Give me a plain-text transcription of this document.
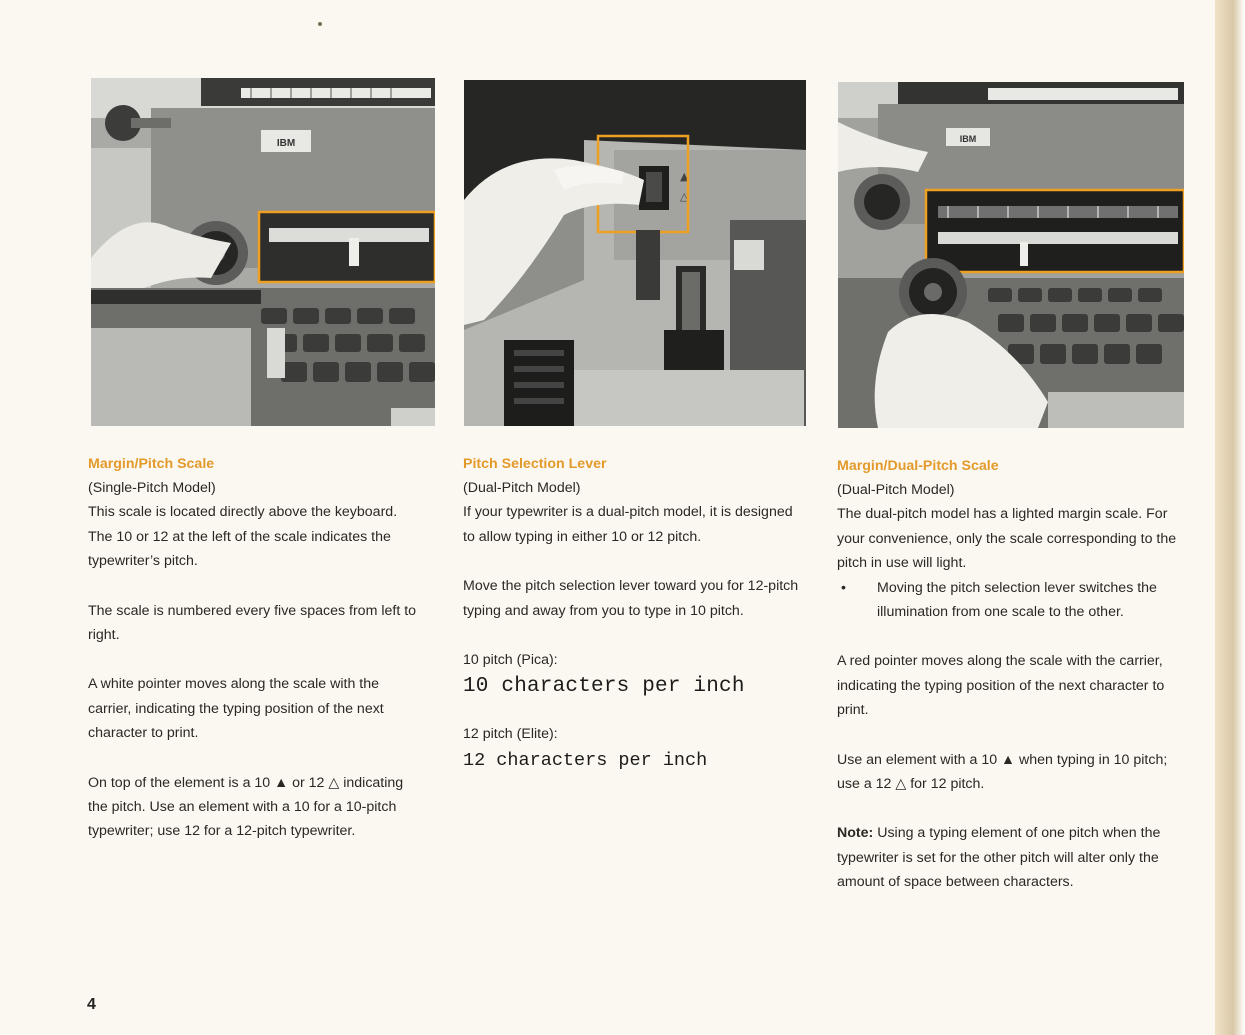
IBM
▲
△
IBM
Margin/Pitch Scale

(Single-Pitch Model)

This scale is located directly above the keyboard. The 10 or 12 at the left of the scale indicates the typewriter’s pitch.

The scale is numbered every five spaces from left to right.

A white pointer moves along the scale with the carrier, indicating the typing position of the next character to print.

On top of the element is a 10 ▲ or 12 △ indicating the pitch. Use an element with a 10 for a 10-pitch typewriter; use 12 for a 12-pitch typewriter.

Pitch Selection Lever

(Dual-Pitch Model)

If your typewriter is a dual-pitch model, it is designed to allow typing in either 10 or 12 pitch.

Move the pitch selection lever toward you for 12-pitch typing and away from you to type in 10 pitch.

10 pitch (Pica):

10 characters per inch

12 pitch (Elite):

12 characters per inch

Margin/Dual-Pitch Scale

(Dual-Pitch Model)

The dual-pitch model has a lighted margin scale. For your convenience, only the scale corresponding to the pitch in use will light.

•	Moving the pitch selection lever switches the illumination from one scale to the other.

A red pointer moves along the scale with the carrier, indicating the typing position of the next character to print.

Use an element with a 10 ▲ when typing in 10 pitch; use a 12 △ for 12 pitch.

Note: Using a typing element of one pitch when the typewriter is set for the other pitch will alter only the amount of space between characters.

4
